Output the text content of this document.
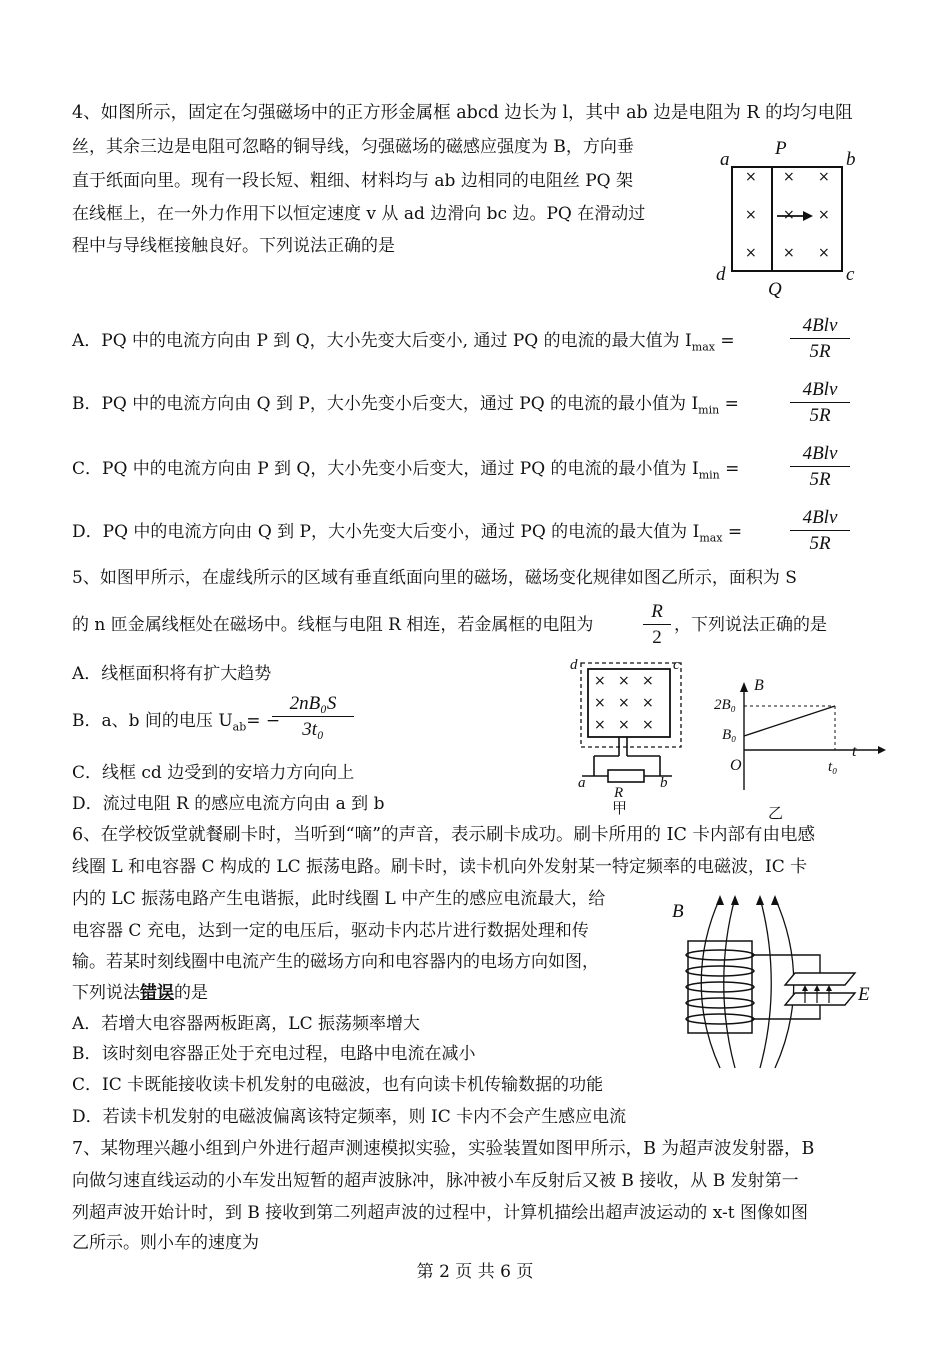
4、如图所示，固定在匀强磁场中的正方形金属框 abcd 边长为 l，其中 ab 边是电阻为 R 的均匀电阻
丝，其余三边是电阻可忽略的铜导线，匀强磁场的磁感应强度为 B，方向垂
直于纸面向里。现有一段长短、粗细、材料均与 ab 边相同的电阻丝 PQ 架
在线框上，在一外力作用下以恒定速度 v 从 ad 边滑向 bc 边。PQ 在滑动过
程中与导线框接触良好。下列说法正确的是
× × ×
× × ×
× × ×
a
P
b
d	c
Q
A．PQ 中的电流方向由 P 到 Q，大小先变大后变小, 通过 PQ 的电流的最大值为 $I_{max}$ =
4Blv
5R
B．PQ 中的电流方向由 Q 到 P，大小先变小后变大，通过 PQ 的电流的最小值为 $I_{min}$ =
4Blv
5R
C．PQ 中的电流方向由 P 到 Q，大小先变小后变大，通过 PQ 的电流的最小值为 $I_{min}$ =
4Blv
5R
D．PQ 中的电流方向由 Q 到 P，大小先变大后变小，通过 PQ 的电流的最大值为 $I_{max}$ =
4Blv
5R
5、如图甲所示，在虚线所示的区域有垂直纸面向里的磁场，磁场变化规律如图乙所示，面积为 S
的 n 匝金属线框处在磁场中。线框与电阻 R 相连，若金属框的电阻为
R
2
，下列说法正确的是
A．线框面积将有扩大趋势
B．a、b 间的电压 $U_{ab}=$ −
2nB₀S
3t₀
C．线框 cd 边受到的安培力方向向上
D．流过电阻 R 的感应电流方向由 a 到 b
× × ×
× × ×
× × ×
d	c
a	b
R
甲
B
t
O
2B₀
B₀
t₀
乙
6、在学校饭堂就餐刷卡时，当听到“嘀”的声音，表示刷卡成功。刷卡所用的 IC 卡内部有由电感
线圈 L 和电容器 C 构成的 LC 振荡电路。刷卡时，读卡机向外发射某一特定频率的电磁波，IC 卡
内的 LC 振荡电路产生电谐振，此时线圈 L 中产生的感应电流最大，给
电容器 C 充电，达到一定的电压后，驱动卡内芯片进行数据处理和传
输。若某时刻线圈中电流产生的磁场方向和电容器内的电场方向如图，
下列说法错误的是
A．若增大电容器两板距离，LC 振荡频率增大
B．该时刻电容器正处于充电过程，电路中电流在减小
C．IC 卡既能接收读卡机发射的电磁波，也有向读卡机传输数据的功能
D．若读卡机发射的电磁波偏离该特定频率，则 IC 卡内不会产生感应电流
B
E
7、某物理兴趣小组到户外进行超声测速模拟实验，实验装置如图甲所示，B 为超声波发射器，B
向做匀速直线运动的小车发出短暂的超声波脉冲，脉冲被小车反射后又被 B 接收，从 B 发射第一
列超声波开始计时，到 B 接收到第二列超声波的过程中，计算机描绘出超声波运动的 x-t 图像如图
乙所示。则小车的速度为
第 2 页 共 6 页
